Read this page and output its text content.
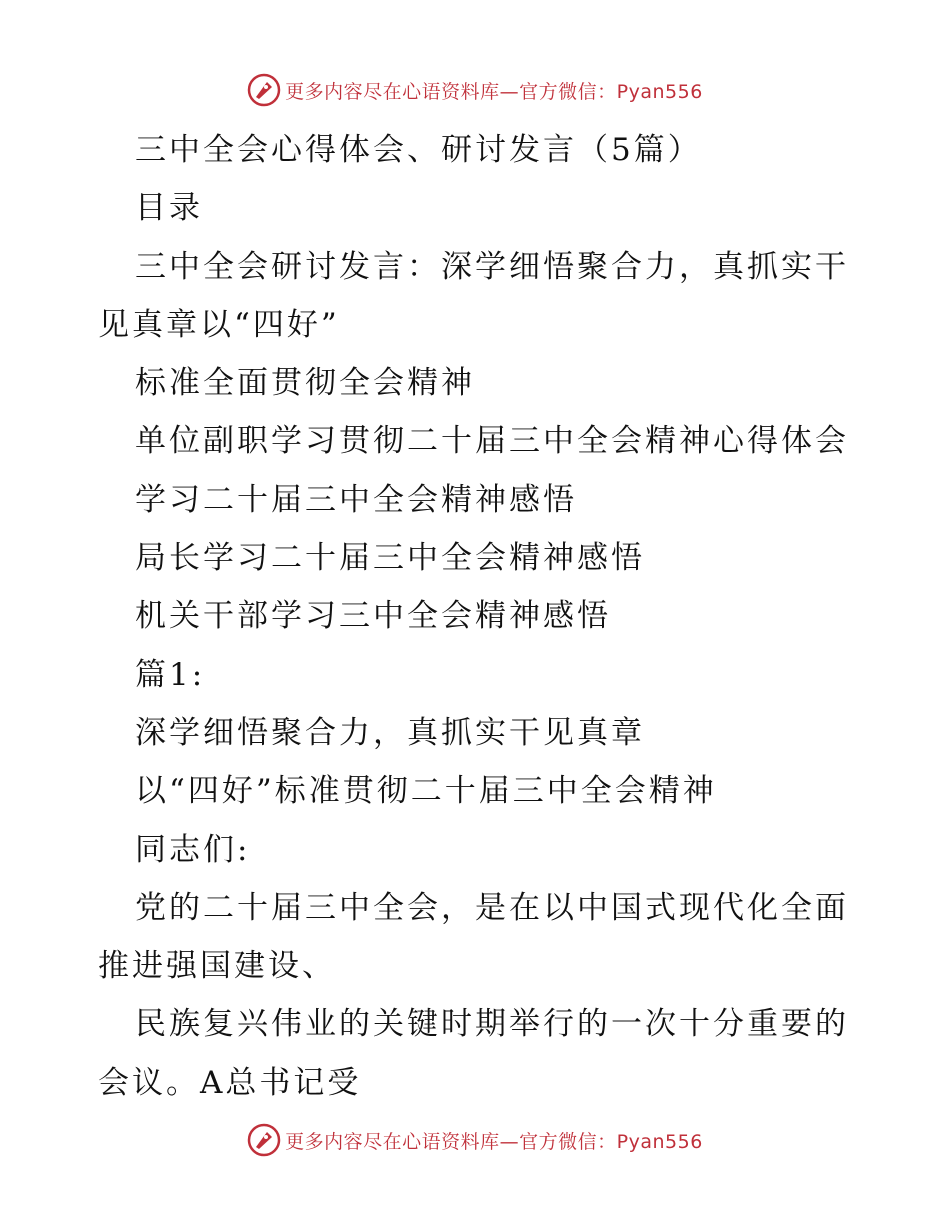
更多内容尽在心语资料库—官方微信：Pyan556
三中全会心得体会、研讨发言（5篇）
目录
三中全会研讨发言：深学细悟聚合力，真抓实干
见真章以“四好”
标准全面贯彻全会精神
单位副职学习贯彻二十届三中全会精神心得体会
学习二十届三中全会精神感悟
局长学习二十届三中全会精神感悟
机关干部学习三中全会精神感悟
篇1:
深学细悟聚合力，真抓实干见真章
以“四好”标准贯彻二十届三中全会精神
同志们:
党的二十届三中全会，是在以中国式现代化全面
推进强国建设、
民族复兴伟业的关键时期举行的一次十分重要的
会议。A总书记受
更多内容尽在心语资料库—官方微信：Pyan556
